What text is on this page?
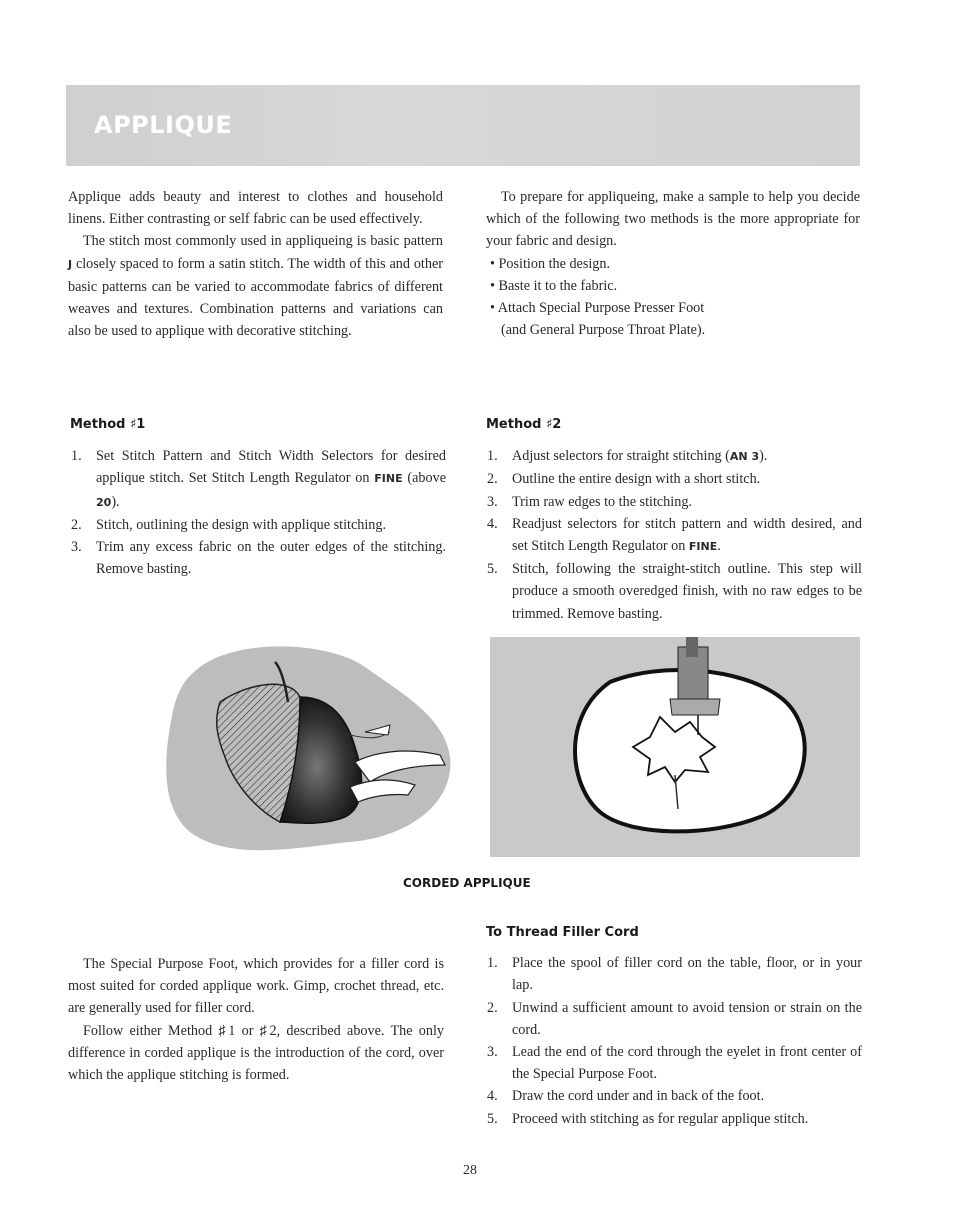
APPLIQUE

Applique adds beauty and interest to clothes and household linens. Either contrasting or self fabric can be used effectively.

The stitch most commonly used in appliqueing is basic pattern J closely spaced to form a satin stitch. The width of this and other basic patterns can be varied to accommodate fabrics of different weaves and textures. Combination patterns and variations can also be used to applique with decorative stitching.

To prepare for appliqueing, make a sample to help you decide which of the following two methods is the more appropriate for your fabric and design.

• Position the design.
• Baste it to the fabric.
• Attach Special Purpose Presser Foot
(and General Purpose Throat Plate).
Method ♯1
1. Set Stitch Pattern and Stitch Width Selectors for desired applique stitch. Set Stitch Length Regulator on FINE (above 20).
2. Stitch, outlining the design with applique stitching.
3. Trim any excess fabric on the outer edges of the stitching. Remove basting.
Method ♯2
1. Adjust selectors for straight stitching (AN 3).
2. Outline the entire design with a short stitch.
3. Trim raw edges to the stitching.
4. Readjust selectors for stitch pattern and width desired, and set Stitch Length Regulator on FINE.
5. Stitch, following the straight-stitch outline. This step will produce a smooth overedged finish, with no raw edges to be trimmed. Remove basting.
CORDED APPLIQUE

The Special Purpose Foot, which provides for a filler cord is most suited for corded applique work. Gimp, crochet thread, etc. are generally used for filler cord.

Follow either Method ♯1 or ♯2, described above. The only difference in corded applique is the introduction of the cord, over which the applique stitching is formed.

To Thread Filler Cord
1. Place the spool of filler cord on the table, floor, or in your lap.
2. Unwind a sufficient amount to avoid tension or strain on the cord.
3. Lead the end of the cord through the eyelet in front center of the Special Purpose Foot.
4. Draw the cord under and in back of the foot.
5. Proceed with stitching as for regular applique stitch.
28
